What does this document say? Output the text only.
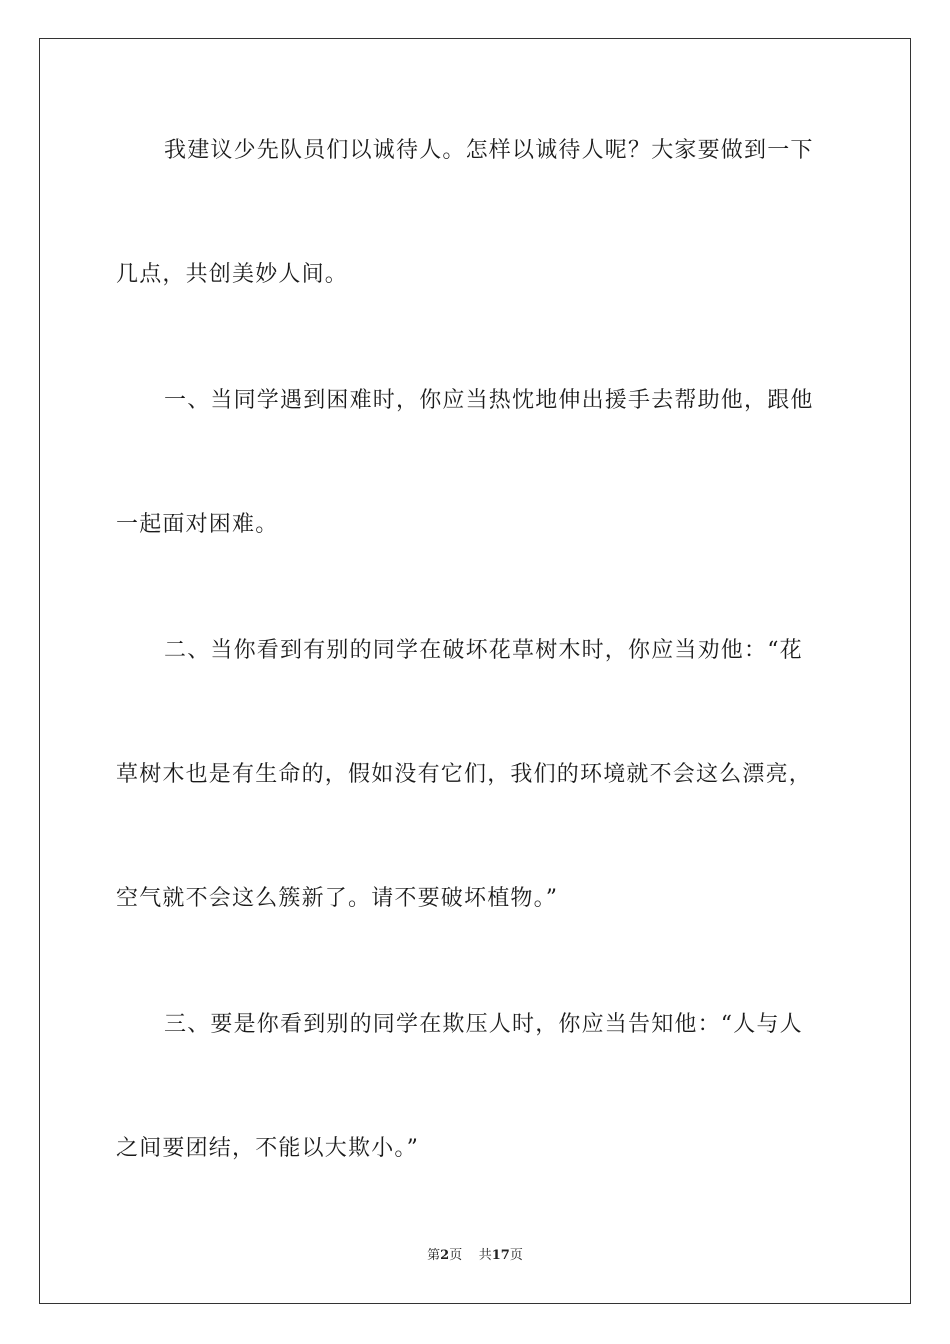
我建议少先队员们以诚待人。怎样以诚待人呢？大家要做到一下
几点，共创美妙人间。
一、当同学遇到困难时，你应当热忱地伸出援手去帮助他，跟他
一起面对困难。
二、当你看到有别的同学在破坏花草树木时，你应当劝他：“花
草树木也是有生命的，假如没有它们，我们的环境就不会这么漂亮，
空气就不会这么簇新了。请不要破坏植物。”
三、要是你看到别的同学在欺压人时，你应当告知他：“人与人
之间要团结，不能以大欺小。”
第2页 共17页
